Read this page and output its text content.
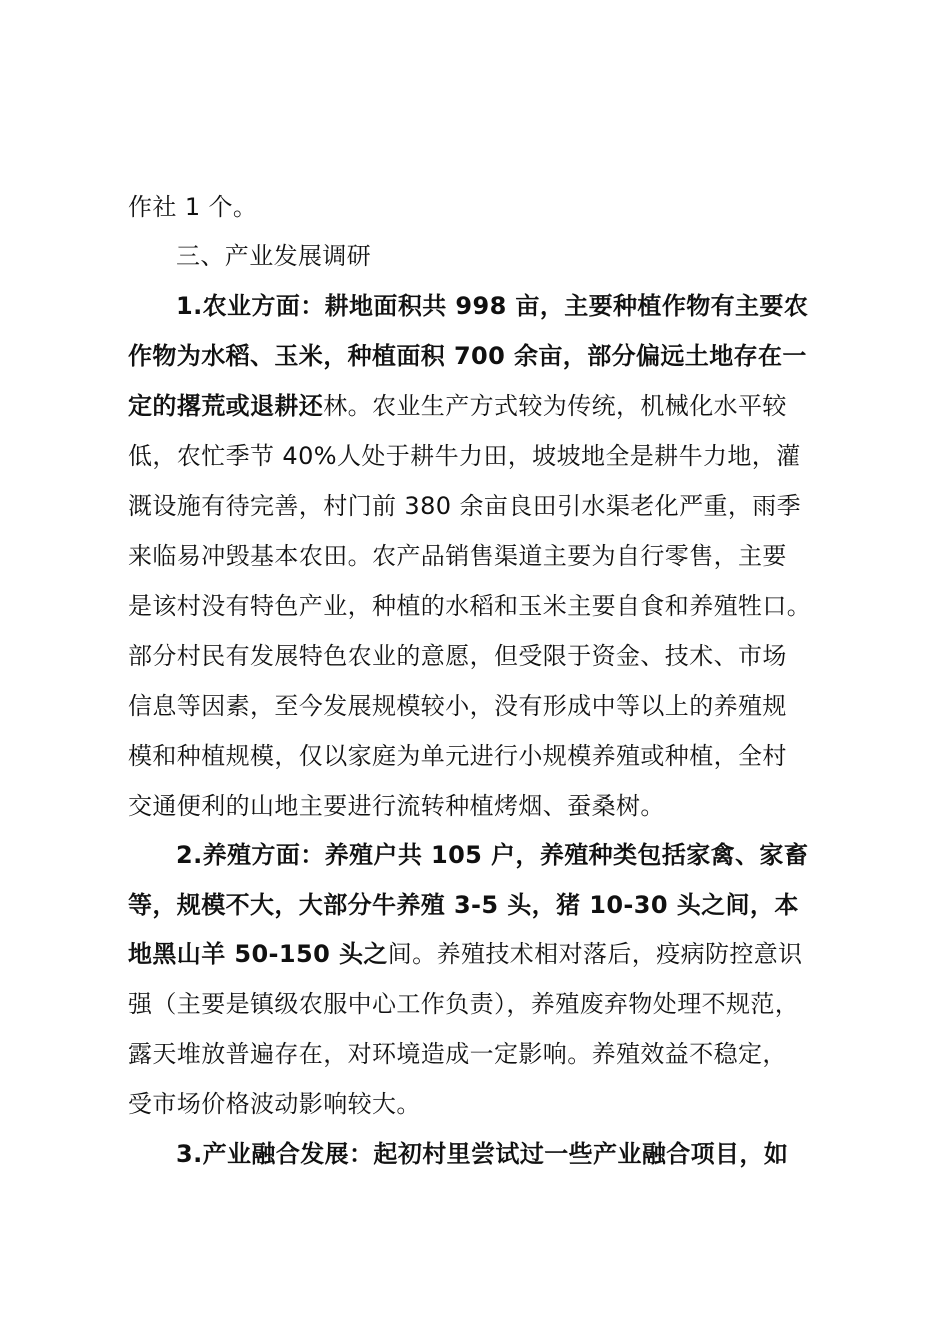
作社 1 个。
三、产业发展调研
1.农业方面：耕地面积共 998 亩，主要种植作物有主要农
作物为水稻、玉米，种植面积 700 余亩，部分偏远土地存在一
定的撂荒或退耕还林。农业生产方式较为传统，机械化水平较
低，农忙季节 40%人处于耕牛力田，坡坡地全是耕牛力地，灌
溉设施有待完善，村门前 380 余亩良田引水渠老化严重，雨季
来临易冲毁基本农田。农产品销售渠道主要为自行零售，主要
是该村没有特色产业，种植的水稻和玉米主要自食和养殖牲口。
部分村民有发展特色农业的意愿，但受限于资金、技术、市场
信息等因素，至今发展规模较小，没有形成中等以上的养殖规
模和种植规模，仅以家庭为单元进行小规模养殖或种植，全村
交通便利的山地主要进行流转种植烤烟、蚕桑树。
2.养殖方面：养殖户共 105 户，养殖种类包括家禽、家畜
等，规模不大，大部分牛养殖 3-5 头，猪 10-30 头之间，本
地黑山羊 50-150 头之间。养殖技术相对落后，疫病防控意识
强（主要是镇级农服中心工作负责），养殖废弃物处理不规范，
露天堆放普遍存在，对环境造成一定影响。养殖效益不稳定，
受市场价格波动影响较大。
3.产业融合发展：起初村里尝试过一些产业融合项目，如
